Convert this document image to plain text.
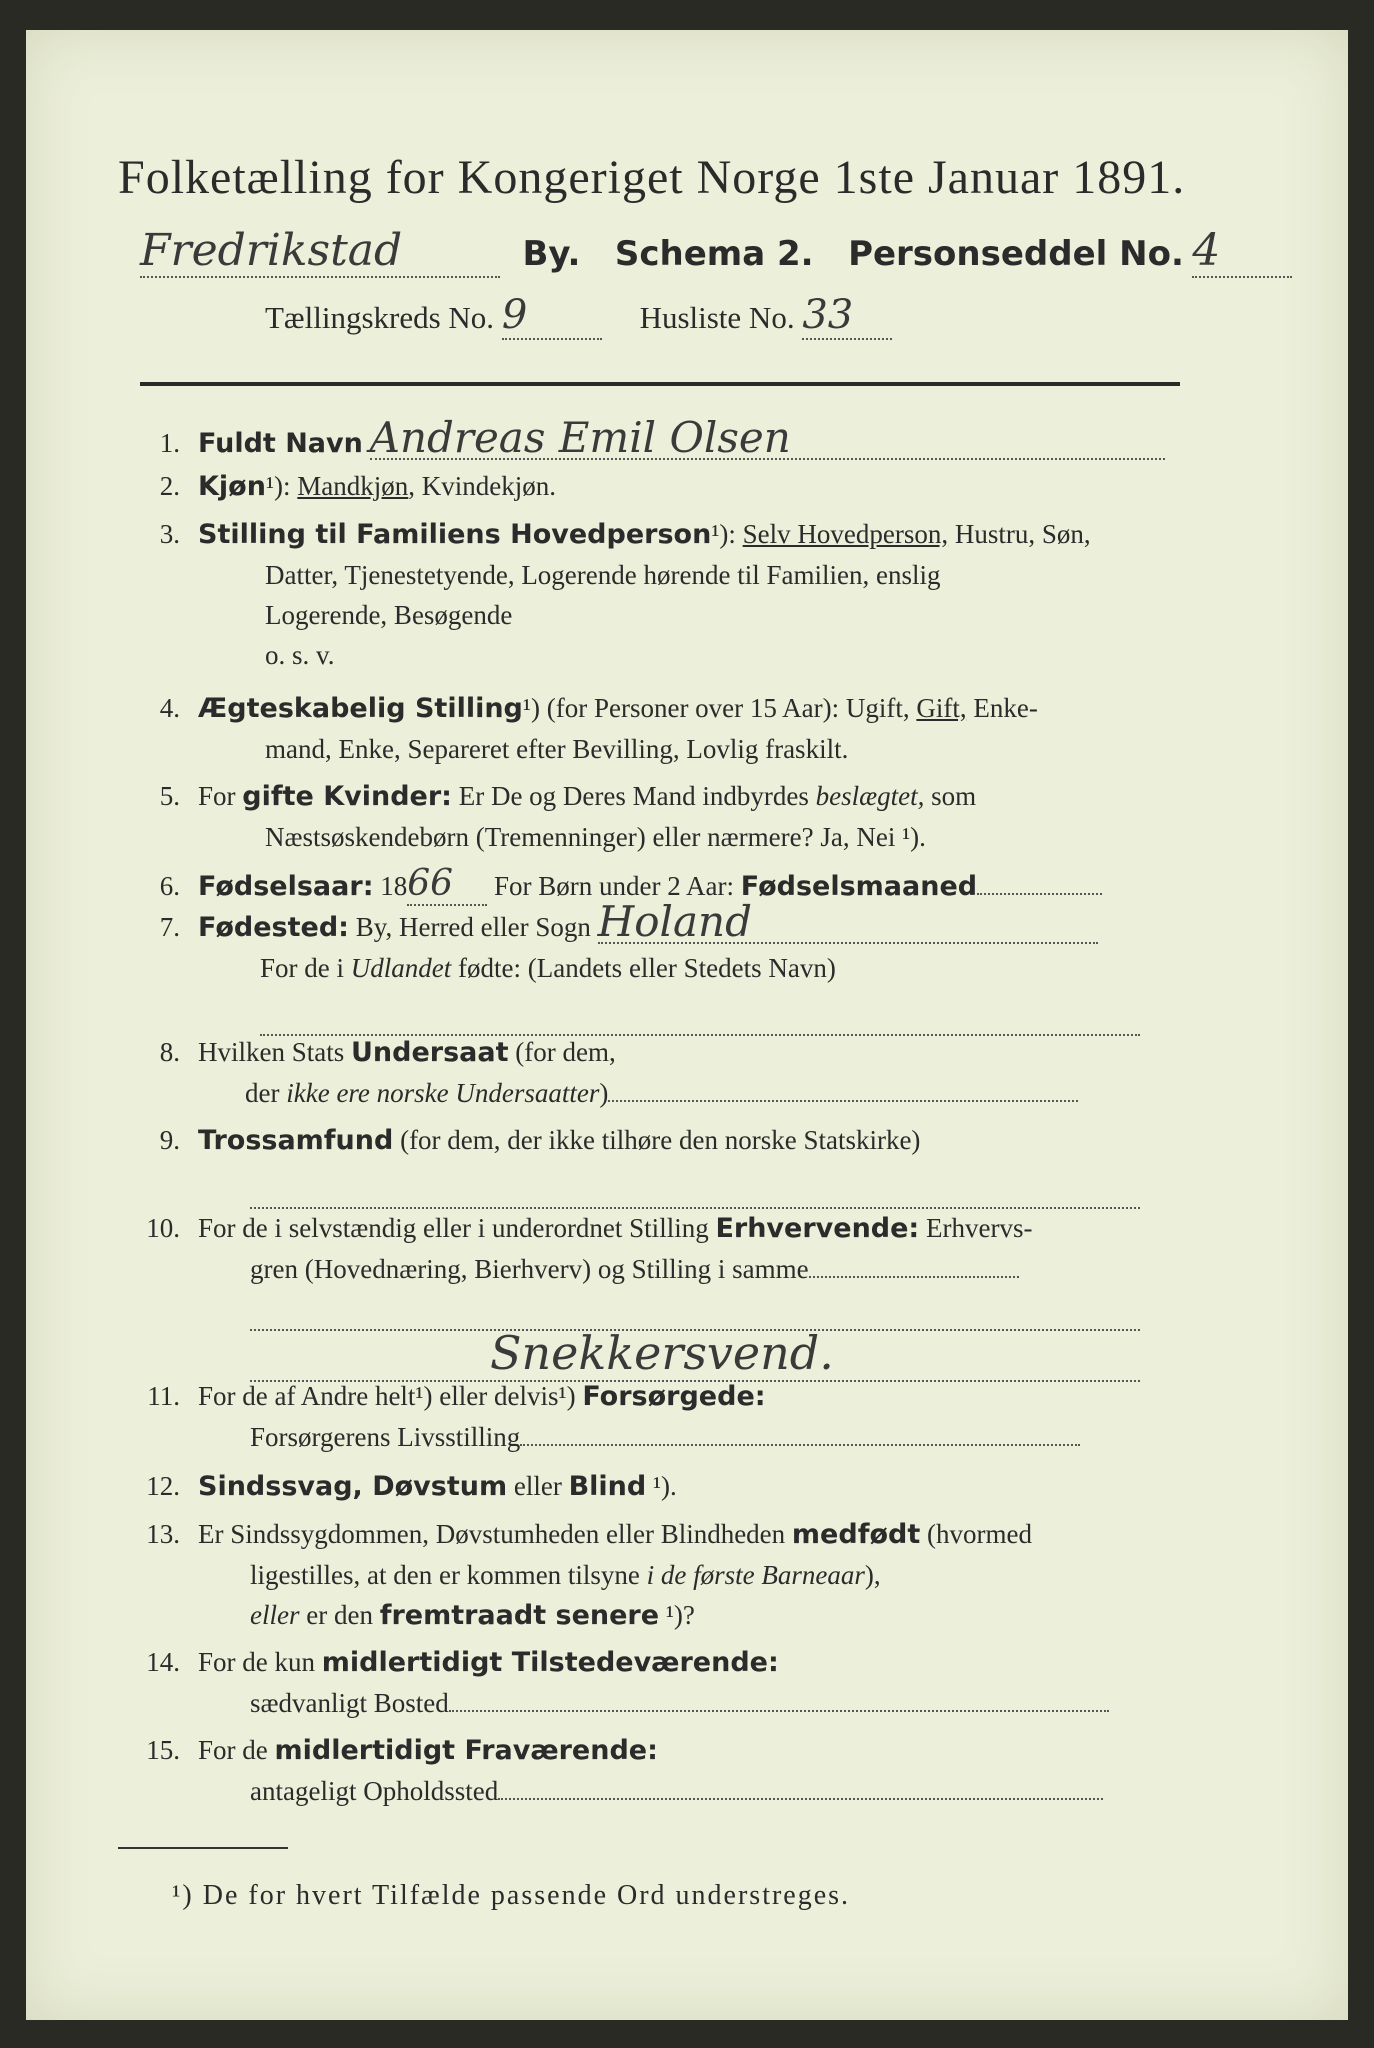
Folketælling for Kongeriget Norge 1ste Januar 1891.
Fredrikstad	By. Schema 2. Personseddel No. 4
Tællingskreds No. 9	Husliste No. 33
1. Fuldt Navn Andreas Emil Olsen
2. Kjøn¹): Mandkjøn, Kvindekjøn.
3. Stilling til Familiens Hovedperson¹): Selv Hovedperson, Hustru, Søn,
Datter, Tjenestetyende, Logerende hørende til Familien, enslig
Logerende, Besøgende
o. s. v.
4. Ægteskabelig Stilling¹) (for Personer over 15 Aar): Ugift, Gift, Enke-
mand, Enke, Separeret efter Bevilling, Lovlig fraskilt.
5. For gifte Kvinder: Er De og Deres Mand indbyrdes beslægtet, som
Næstsøskendebørn (Tremenninger) eller nærmere? Ja, Nei ¹).
6. Fødselsaar: 1866 For Børn under 2 Aar: Fødselsmaaned
7. Fødested: By, Herred eller Sogn Holand
For de i Udlandet fødte: (Landets eller Stedets Navn)

8. Hvilken Stats Undersaat (for dem,
der ikke ere norske Undersaatter)
9. Trossamfund (for dem, der ikke tilhøre den norske Statskirke)

10. For de i selvstændig eller i underordnet Stilling Erhvervende: Erhvervs-
gren (Hovednæring, Bierhverv) og Stilling i samme

Snekkersvend.
11. For de af Andre helt¹) eller delvis¹) Forsørgede:
Forsørgerens Livsstilling
12. Sindssvag, Døvstum eller Blind ¹).
13. Er Sindssygdommen, Døvstumheden eller Blindheden medfødt (hvormed
ligestilles, at den er kommen tilsyne i de første Barneaar),
eller er den fremtraadt senere ¹)?
14. For de kun midlertidigt Tilstedeværende:
sædvanligt Bosted
15. For de midlertidigt Fraværende:
antageligt Opholdssted
¹) De for hvert Tilfælde passende Ord understreges.
